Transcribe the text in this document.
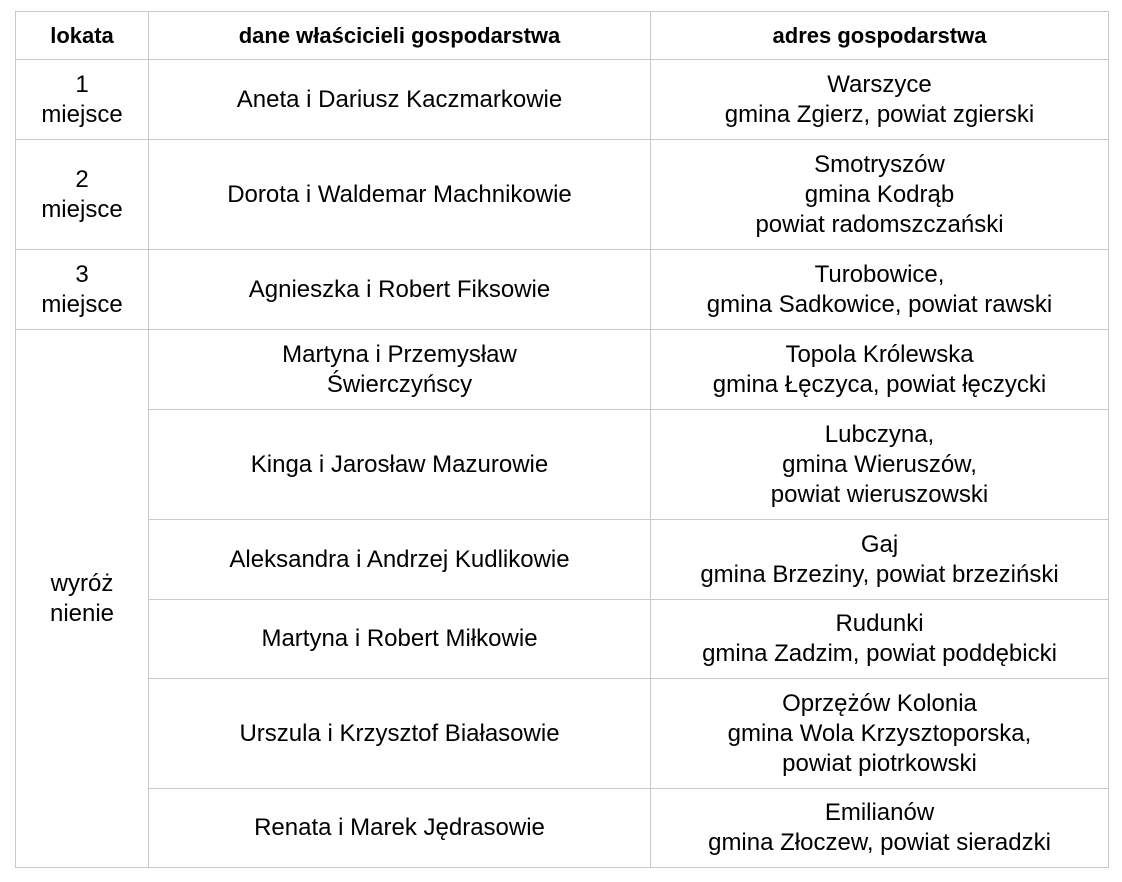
lokata	dane właścicieli gospodarstwa	adres gospodarstwa

1
miejsce	Aneta i Dariusz Kaczmarkowie	Warszyce
gmina Zgierz, powiat zgierski

2
miejsce	Dorota i Waldemar Machnikowie	Smotryszów
gmina Kodrąb
powiat radomszczański

3
miejsce	Agnieszka i Robert Fiksowie	Turobowice,
gmina Sadkowice, powiat rawski

wyróż
nienie	Martyna i Przemysław
Świerczyńscy	Topola Królewska
gmina Łęczyca, powiat łęczycki

	Kinga i Jarosław Mazurowie	Lubczyna,
gmina Wieruszów,
powiat wieruszowski

	Aleksandra i Andrzej Kudlikowie	Gaj
gmina Brzeziny, powiat brzeziński

	Martyna i Robert Miłkowie	Rudunki
gmina Zadzim, powiat poddębicki

	Urszula i Krzysztof Białasowie	Oprzężów Kolonia
gmina Wola Krzysztoporska,
powiat piotrkowski

	Renata i Marek Jędrasowie	Emilianów
gmina Złoczew, powiat sieradzki
